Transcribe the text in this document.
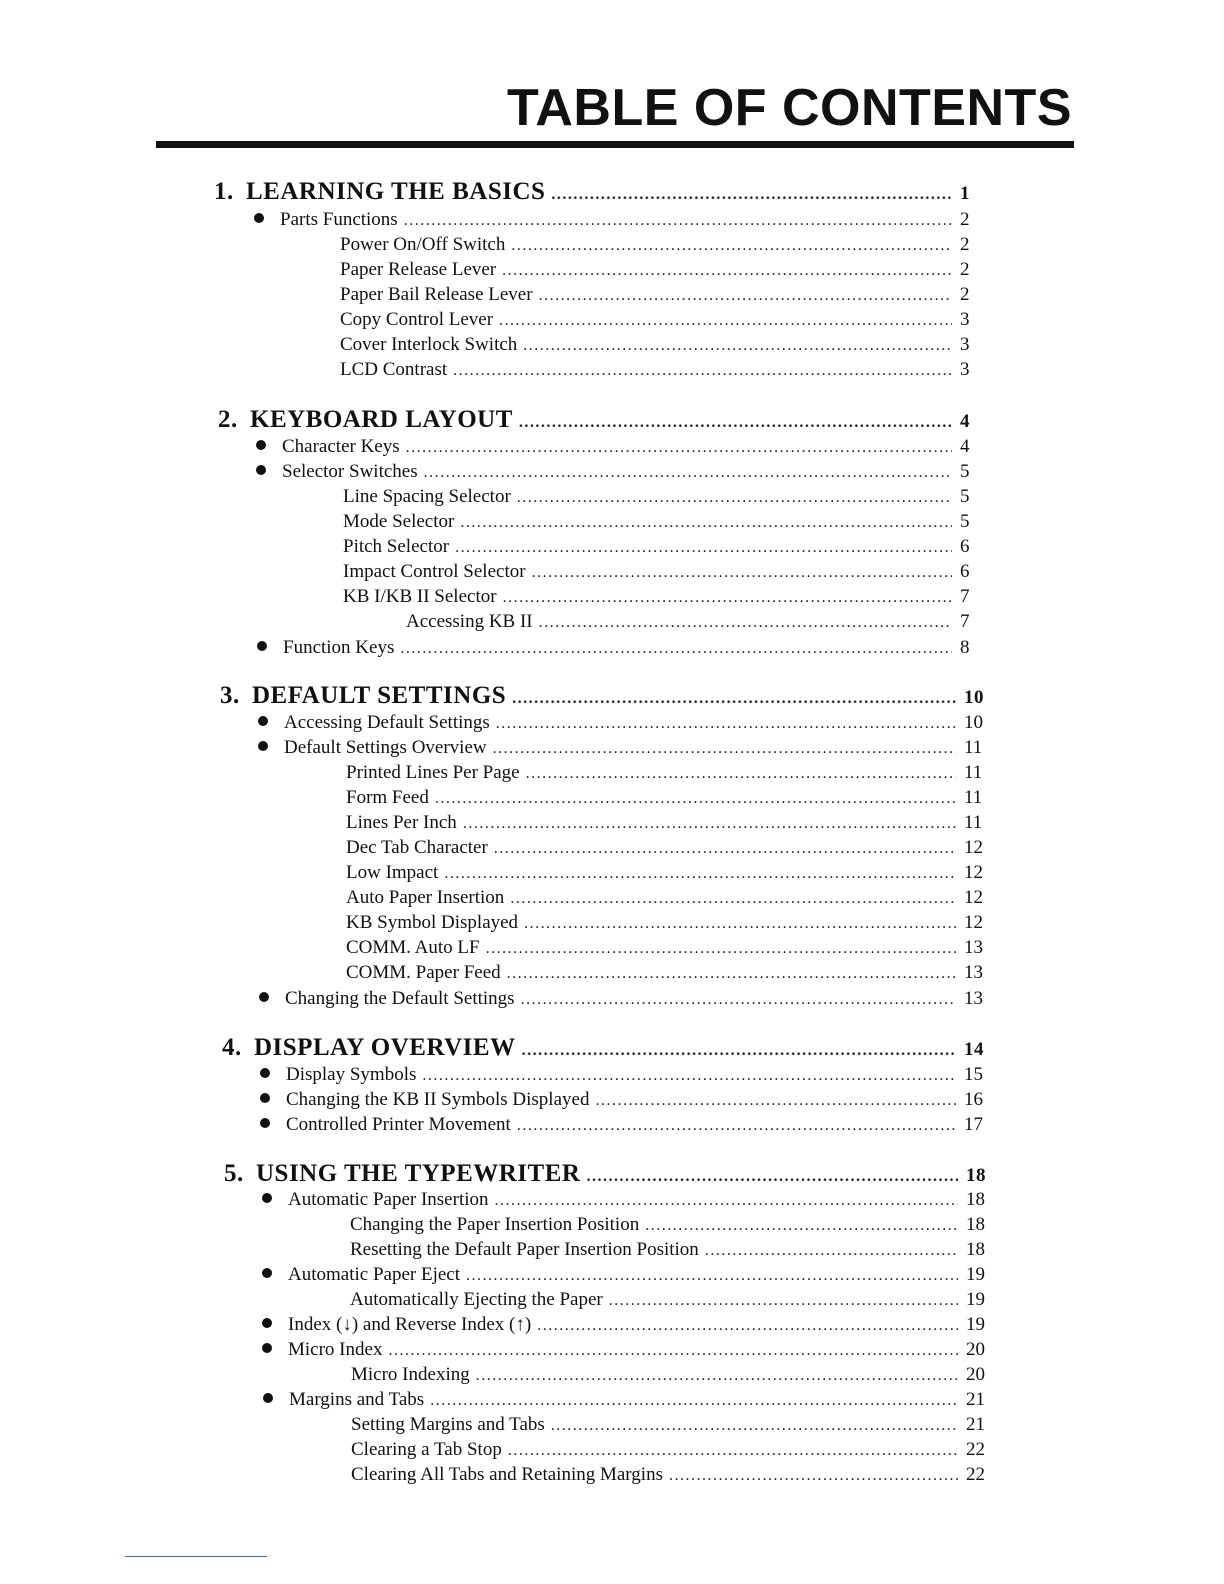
TABLE OF CONTENTS
1. LEARNING THE BASICS .....	1
Parts Functions .....	2
Power On/Off Switch .....	2
Paper Release Lever .....	2
Paper Bail Release Lever .....	2
Copy Control Lever .....	3
Cover Interlock Switch .....	3
LCD Contrast .....	3
2. KEYBOARD LAYOUT .....	4
Character Keys .....	4
Selector Switches .....	5
Line Spacing Selector .....	5
Mode Selector .....	5
Pitch Selector .....	6
Impact Control Selector .....	6
KB I/KB II Selector .....	7
Accessing KB II .....	7
Function Keys .....	8
3. DEFAULT SETTINGS .....	10
Accessing Default Settings .....	10
Default Settings Overview .....	11
Printed Lines Per Page .....	11
Form Feed .....	11
Lines Per Inch .....	11
Dec Tab Character .....	12
Low Impact .....	12
Auto Paper Insertion .....	12
KB Symbol Displayed .....	12
COMM. Auto LF .....	13
COMM. Paper Feed .....	13
Changing the Default Settings .....	13
4. DISPLAY OVERVIEW .....	14
Display Symbols .....	15
Changing the KB II Symbols Displayed .....	16
Controlled Printer Movement .....	17
5. USING THE TYPEWRITER .....	18
Automatic Paper Insertion .....	18
Changing the Paper Insertion Position .....	18
Resetting the Default Paper Insertion Position .....	18
Automatic Paper Eject .....	19
Automatically Ejecting the Paper .....	19
Index (↓) and Reverse Index (↑) .....	19
Micro Index .....	20
Micro Indexing .....	20
Margins and Tabs .....	21
Setting Margins and Tabs .....	21
Clearing a Tab Stop .....	22
Clearing All Tabs and Retaining Margins .....	22
